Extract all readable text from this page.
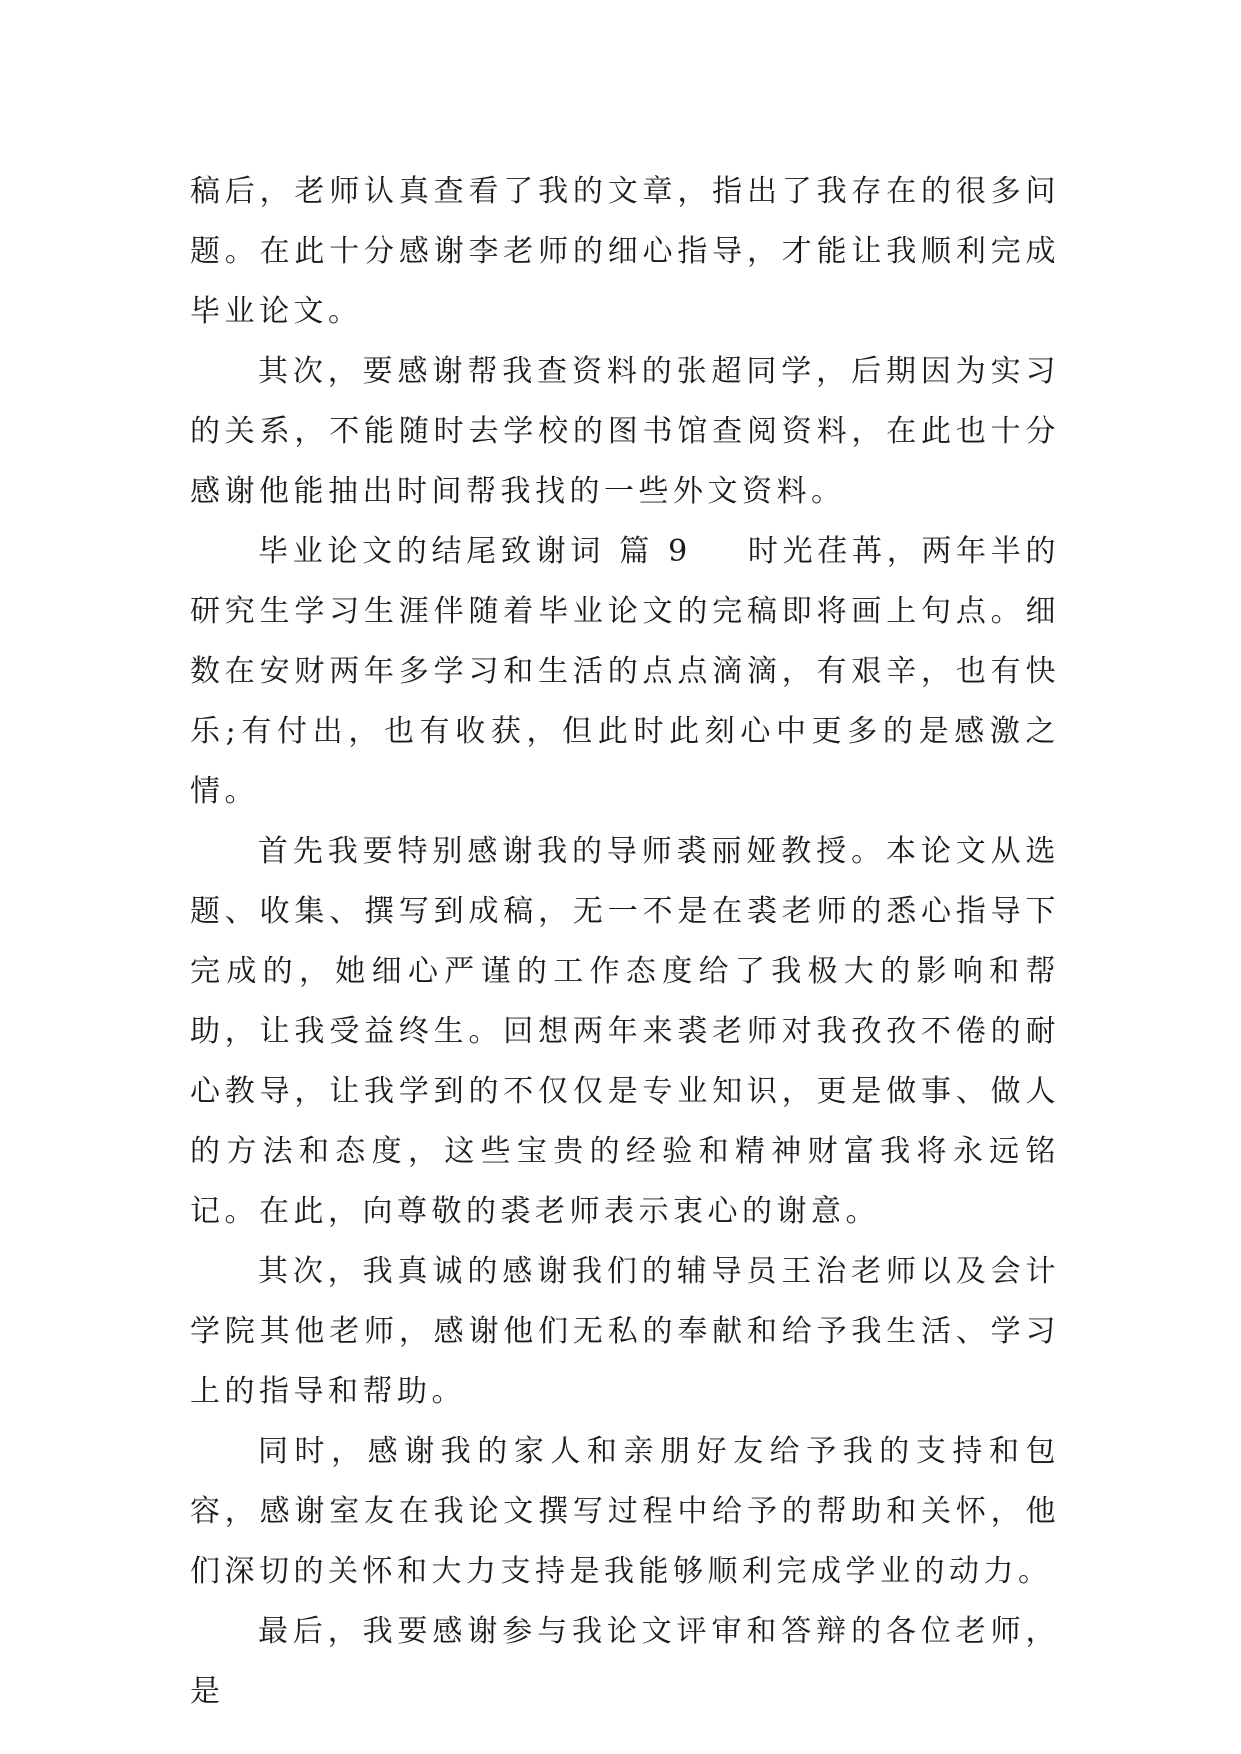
稿后，老师认真查看了我的文章，指出了我存在的很多问题。在此十分感谢李老师的细心指导，才能让我顺利完成毕业论文。

其次，要感谢帮我查资料的张超同学，后期因为实习的关系，不能随时去学校的图书馆查阅资料，在此也十分感谢他能抽出时间帮我找的一些外文资料。

毕业论文的结尾致谢词 篇 9 时光荏苒，两年半的研究生学习生涯伴随着毕业论文的完稿即将画上句点。细数在安财两年多学习和生活的点点滴滴，有艰辛，也有快乐;有付出，也有收获，但此时此刻心中更多的是感激之情。

首先我要特别感谢我的导师裘丽娅教授。本论文从选题、收集、撰写到成稿，无一不是在裘老师的悉心指导下完成的，她细心严谨的工作态度给了我极大的影响和帮助，让我受益终生。回想两年来裘老师对我孜孜不倦的耐心教导，让我学到的不仅仅是专业知识，更是做事、做人的方法和态度，这些宝贵的经验和精神财富我将永远铭记。在此，向尊敬的裘老师表示衷心的谢意。

其次，我真诚的感谢我们的辅导员王治老师以及会计学院其他老师，感谢他们无私的奉献和给予我生活、学习上的指导和帮助。

同时，感谢我的家人和亲朋好友给予我的支持和包容，感谢室友在我论文撰写过程中给予的帮助和关怀，他们深切的关怀和大力支持是我能够顺利完成学业的动力。

最后，我要感谢参与我论文评审和答辩的各位老师，是
